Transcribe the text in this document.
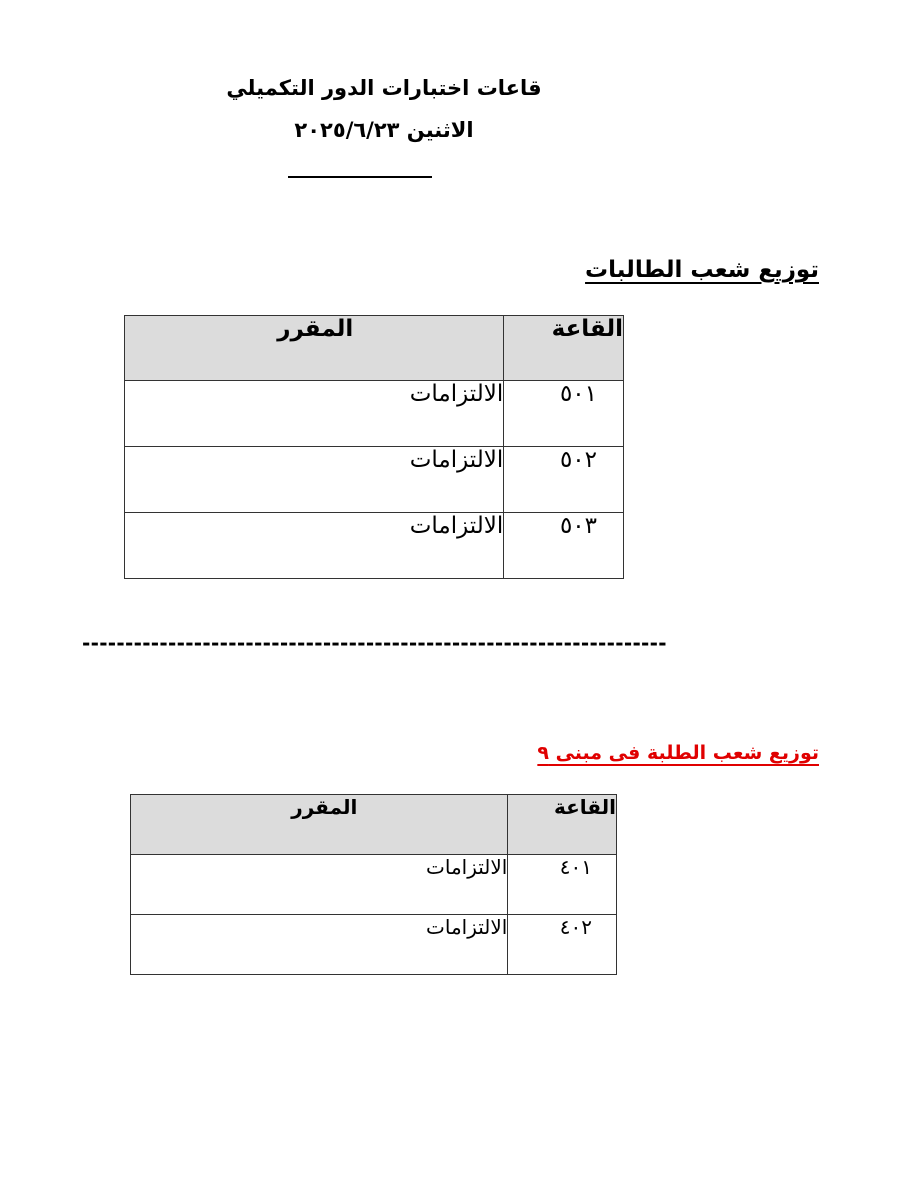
قاعات اختبارات الدور التكميلي
الاثنين ٢٠٢٥/٦/٢٣
توزيع شعب الطالبات
القاعة	المقرر
٥٠١	الالتزامات
٥٠٢	الالتزامات
٥٠٣	الالتزامات
--------------------------------------------------------------------
توزيع شعب الطلبة فى مبنى ٩
القاعة	المقرر
٤٠١	الالتزامات
٤٠٢	الالتزامات
